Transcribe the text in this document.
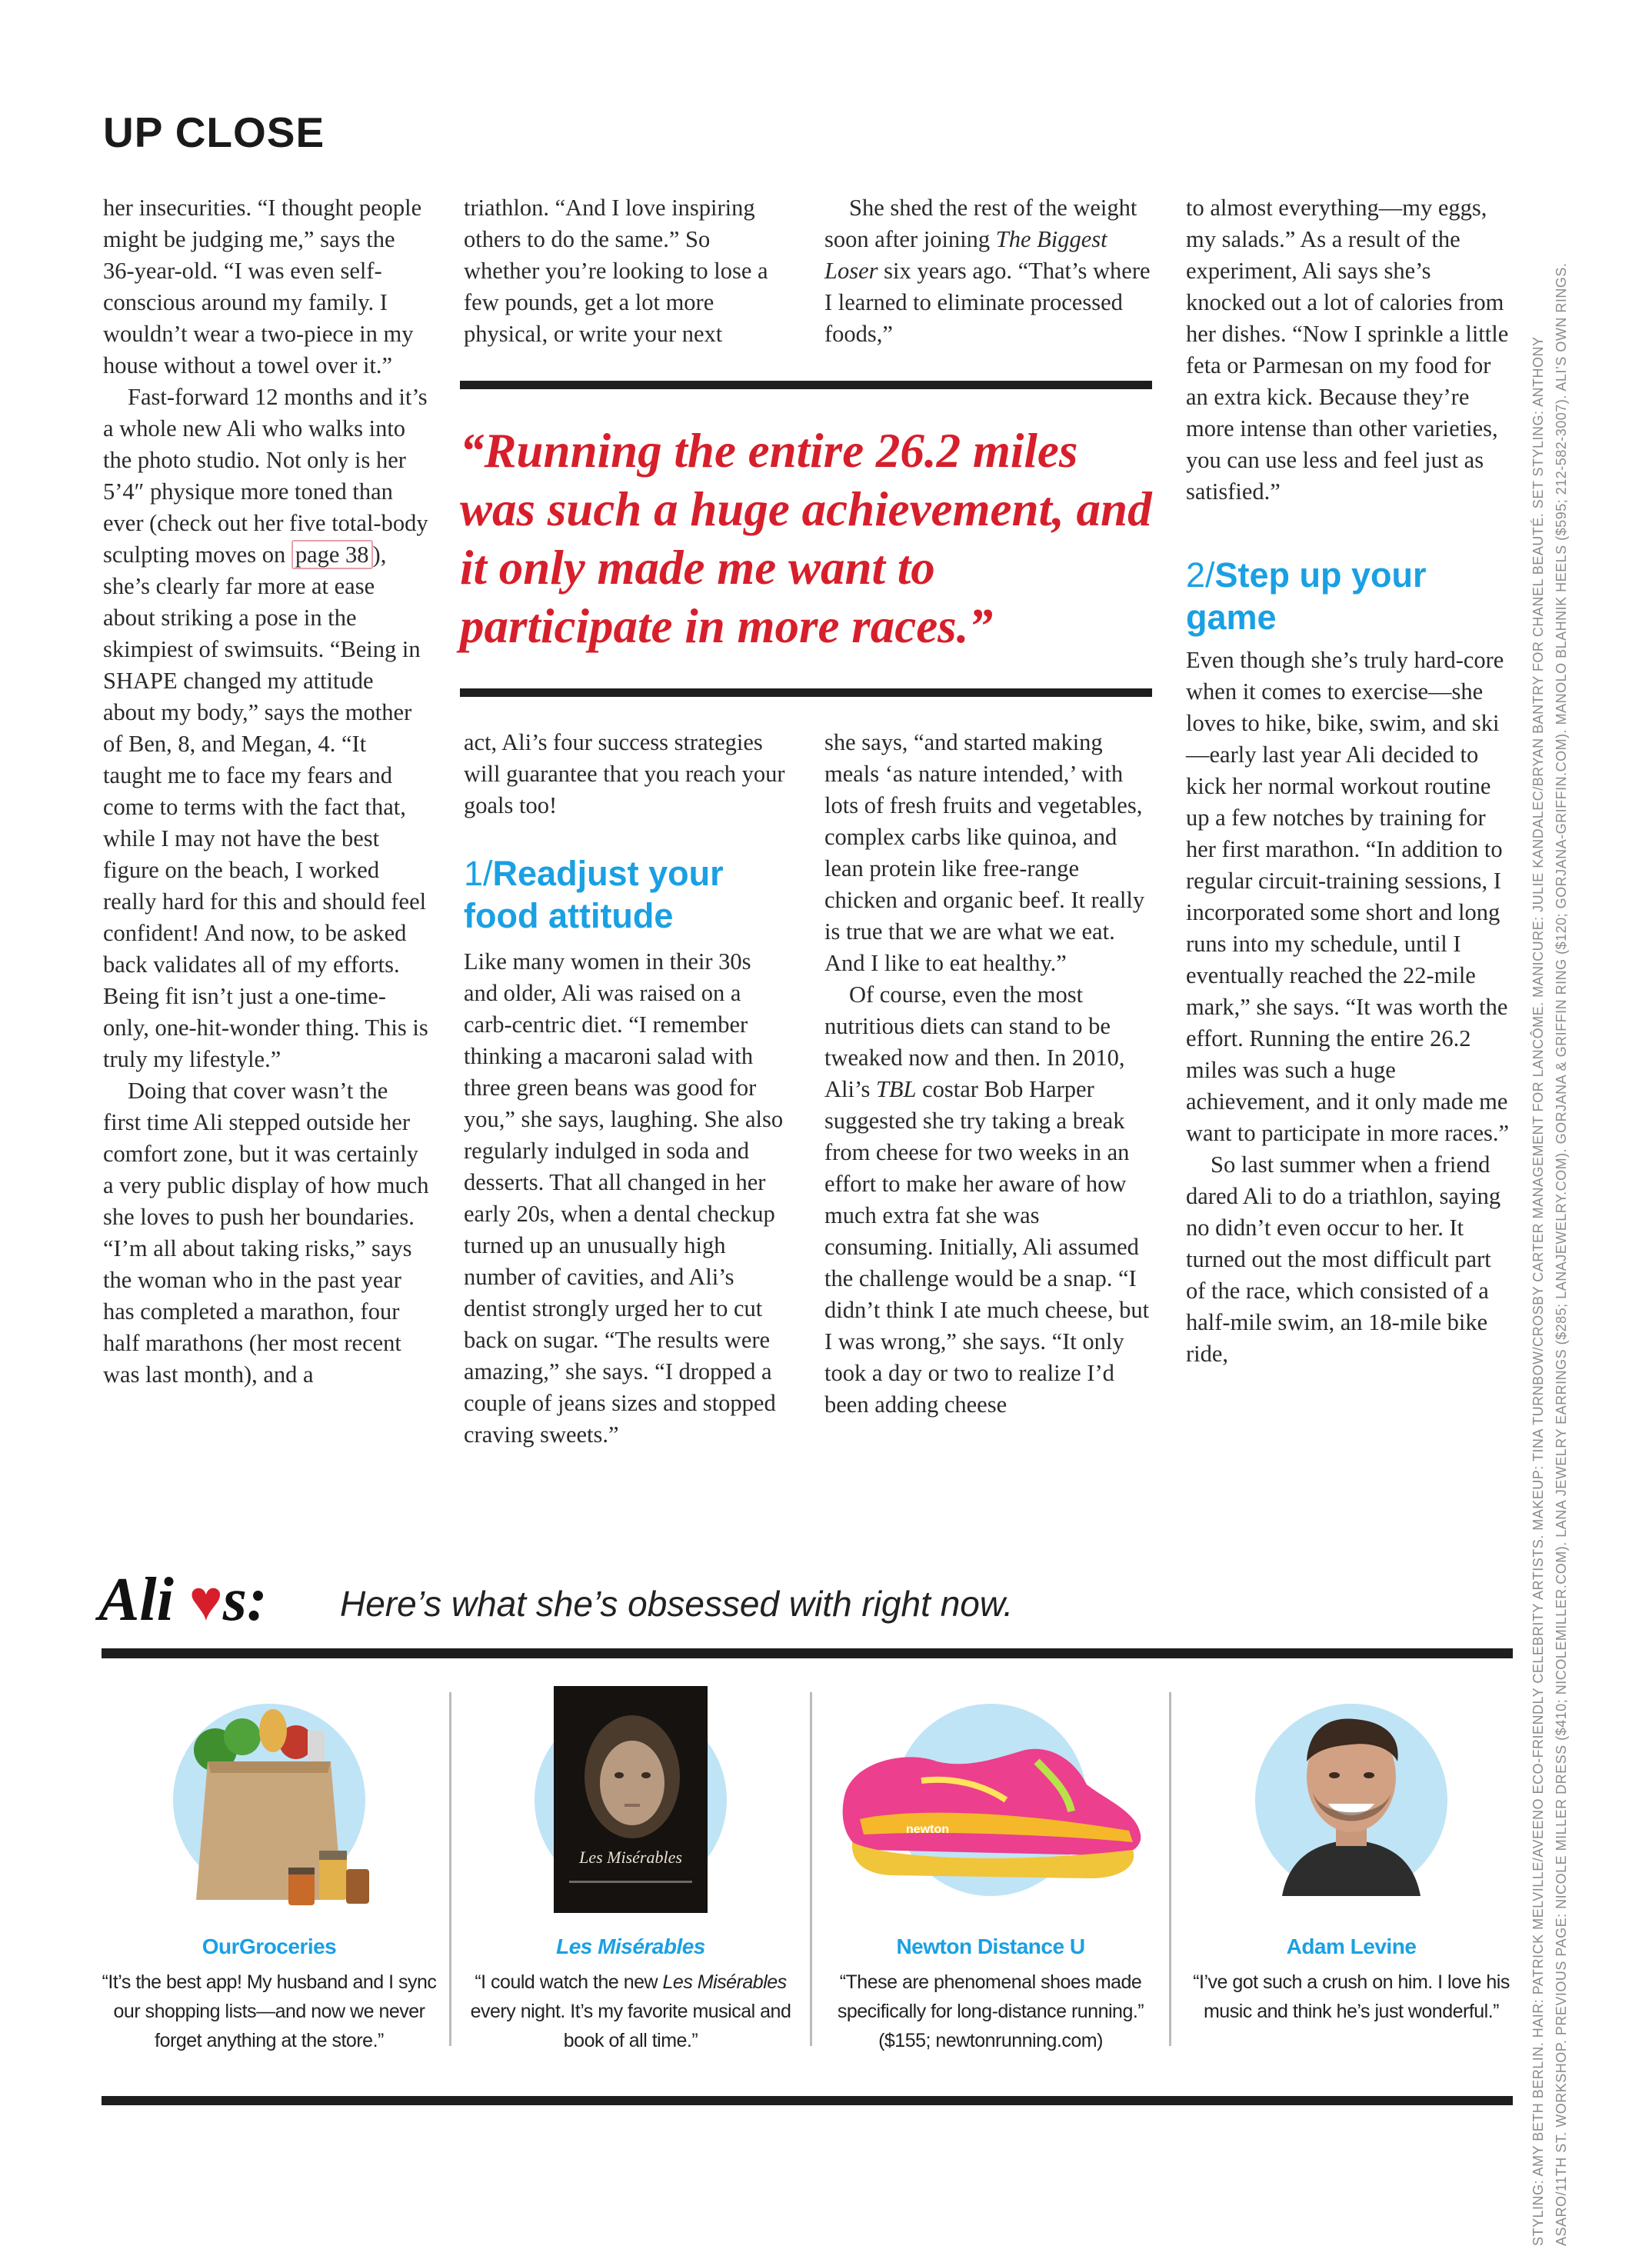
UP CLOSE

her insecurities. “I thought people might be judging me,” says the 36-year-old. “I was even self-conscious around my family. I wouldn’t wear a two-piece in my house without a towel over it.”

Fast-forward 12 months and it’s a whole new Ali who walks into the photo studio. Not only is her 5’4″ physique more toned than ever (check out her five total-body sculpting moves on page 38 ), she’s clearly far more at ease about striking a pose in the skimpiest of swimsuits. “Being in SHAPE changed my attitude about my body,” says the mother of Ben, 8, and Megan, 4. “It taught me to face my fears and come to terms with the fact that, while I may not have the best figure on the beach, I worked really hard for this and should feel confident! And now, to be asked back validates all of my efforts. Being fit isn’t just a one-time-only, one-hit-wonder thing. This is truly my lifestyle.”

Doing that cover wasn’t the first time Ali stepped outside her comfort zone, but it was certainly a very public display of how much she loves to push her boundaries. “I’m all about taking risks,” says the woman who in the past year has completed a marathon, four half marathons (her most recent was last month), and a

triathlon. “And I love inspiring others to do the same.” So whether you’re looking to lose a few pounds, get a lot more physical, or write your next

She shed the rest of the weight soon after joining The Biggest Loser six years ago. “That’s where I learned to eliminate processed foods,”

“Running the entire 26.2 miles was such a huge achievement, and it only made me want to participate in more races.”

act, Ali’s four success strategies will guarantee that you reach your goals too!

1/Readjust your food attitude

Like many women in their 30s and older, Ali was raised on a carb-centric diet. “I remember thinking a macaroni salad with three green beans was good for you,” she says, laughing. She also regularly indulged in soda and desserts. That all changed in her early 20s, when a dental checkup turned up an unusually high number of cavities, and Ali’s dentist strongly urged her to cut back on sugar. “The results were amazing,” she says. “I dropped a couple of jeans sizes and stopped craving sweets.”

she says, “and started making meals ‘as nature intended,’ with lots of fresh fruits and vegetables, complex carbs like quinoa, and lean protein like free-range chicken and organic beef. It really is true that we are what we eat. And I like to eat healthy.”

Of course, even the most nutritious diets can stand to be tweaked now and then. In 2010, Ali’s TBL costar Bob Harper suggested she try taking a break from cheese for two weeks in an effort to make her aware of how much extra fat she was consuming. Initially, Ali assumed the challenge would be a snap. “I didn’t think I ate much cheese, but I was wrong,” she says. “It only took a day or two to realize I’d been adding cheese

to almost everything—my eggs, my salads.” As a result of the experiment, Ali says she’s knocked out a lot of calories from her dishes. “Now I sprinkle a little feta or Parmesan on my food for an extra kick. Because they’re more intense than other varieties, you can use less and feel just as satisfied.”

2/Step up your game

Even though she’s truly hard-core when it comes to exercise—she loves to hike, bike, swim, and ski—early last year Ali decided to kick her normal workout routine up a few notches by training for her first marathon. “In addition to regular circuit-training sessions, I incorporated some short and long runs into my schedule, until I eventually reached the 22-mile mark,” she says. “It was worth the effort. Running the entire 26.2 miles was such a huge achievement, and it only made me want to participate in more races.”

So last summer when a friend dared Ali to do a triathlon, saying no didn’t even occur to her. It turned out the most difficult part of the race, which consisted of a half-mile swim, an 18-mile bike ride,

Ali ♥s: Here’s what she’s obsessed with right now.
OurGroceries
“It’s the best app! My husband and I sync our shopping lists—and now we never forget anything at the store.”
Les Misérables
Les Misérables
“I could watch the new Les Misérables every night. It’s my favorite musical and book of all time.”
newton
Newton Distance U
“These are phenomenal shoes made specifically for long-distance running.” ($155; newtonrunning.com)
Adam Levine
“I’ve got such a crush on him. I love his music and think he’s just wonderful.”	STYLING: AMY BETH BERLIN. HAIR: PATRICK MELVILLE/AVEENO ECO-FRIENDLY CELEBRITY ARTISTS. MAKEUP: TINA TURNBOW/CROSBY CARTER MANAGEMENT FOR LANCÔME. MANICURE: JULIE KANDALEC/BRYAN BANTRY FOR CHANEL BEAUTÉ. SET STYLING: ANTHONY ASARO/11TH ST. WORKSHOP. PREVIOUS PAGE: NICOLE MILLER DRESS ($410; NICOLEMILLER.COM). LANA JEWELRY EARRINGS ($285; LANAJEWELRY.COM). GORJANA & GRIFFIN RING ($120; GORJANA-GRIFFIN.COM). MANOLO BLAHNIK HEELS ($595; 212-582-3007). ALI’S OWN RINGS.
